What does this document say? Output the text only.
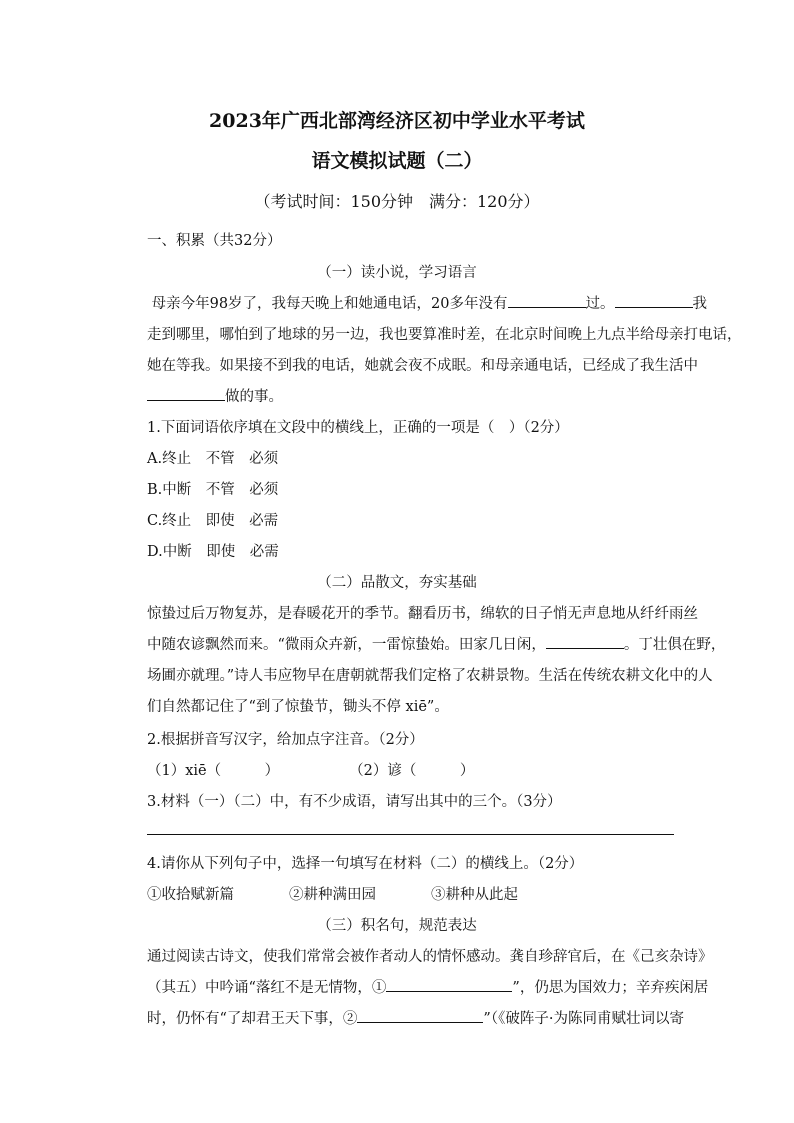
2023年广西北部湾经济区初中学业水平考试
语文模拟试题（二）
（考试时间：150分钟　满分：120分）
一、积累（共32分）
（一）读小说，学习语言
母亲今年98岁了，我每天晚上和她通电话，20多年没有	过。	我
走到哪里，哪怕到了地球的另一边，我也要算准时差，在北京时间晚上九点半给母亲打电话，
她在等我。如果接不到我的电话，她就会夜不成眠。和母亲通电话，已经成了我生活中
做的事。
1.下面词语依序填在文段中的横线上，正确的一项是（　）（2分）
A.终止　不管　必须
B.中断　不管　必须
C.终止　即使　必需
D.中断　即使　必需
（二）品散文，夯实基础
惊蛰过后万物复苏，是春暖花开的季节。翻看历书，绵软的日子悄无声息地从纤纤雨丝
中随农谚飘然而来。“微雨众卉新，一雷惊蛰始。田家几日闲，	。丁壮俱在野，
场圃亦就理。”诗人韦应物早在唐朝就帮我们定格了农耕景物。生活在传统农耕文化中的人
们自然都记住了“到了惊蛰节，锄头不停 xiē”。
2.根据拼音写汉字，给加点字注音。（2分）
（1）xiē（　　　）	（2）谚（　　　）
3.材料（一）（二）中，有不少成语，请写出其中的三个。（3分）
4.请你从下列句子中，选择一句填写在材料（二）的横线上。（2分）
①收拾赋新篇	②耕种满田园	③耕种从此起
（三）积名句，规范表达
通过阅读古诗文，使我们常常会被作者动人的情怀感动。龚自珍辞官后，在《己亥杂诗》
（其五）中吟诵“落红不是无情物，①	”，仍思为国效力；辛弃疾闲居
时，仍怀有“了却君王天下事，②	”（《破阵子·为陈同甫赋壮词以寄
